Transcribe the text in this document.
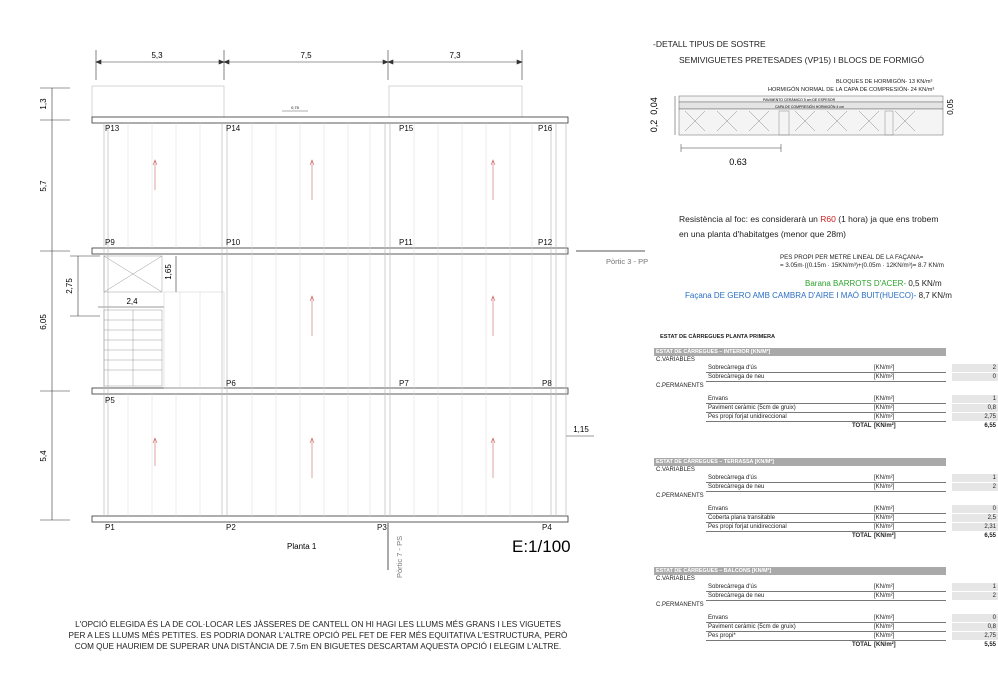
5,3	7,5	7,3
1,3
5,7
6,05
5,4
2,75
1,65
2,4
1,15
0,75
P13	P14	P15	P16
P9	P10	P11	P12
P5
P6	P7	P8
P1	P2	P3	P4
Pòrtic 3 - PP
Pòrtic 7 - PS
Planta 1	E:1/100
L'OPCIÓ ELEGIDA ÉS LA DE COL·LOCAR LES JÀSSERES DE CANTELL ON HI HAGI LES LLUMS MÉS GRANS I LES VIGUETES PER A LES LLUMS MÉS PETITES. ES PODRIA DONAR L'ALTRE OPCIÓ PEL FET DE FER MÉS EQUITATIVA L'ESTRUCTURA, PERÒ COM QUE HAURIEM DE SUPERAR UNA DISTÀNCIA DE 7.5m EN BIGUETES DESCARTAM AQUESTA OPCIÓ I ELEGIM L'ALTRE.
-DETALL TIPUS DE SOSTRE
SEMIVIGUETES PRETESADES (VP15) I BLOCS DE FORMIGÓ
BLOQUES DE HORMIGÓN- 13 KN/m³
HORMIGÓN NORMAL DE LA CAPA DE COMPRESIÓN- 24 KN/m³
PAVIMENTO CERÁMICO 5 cm DE ESPESOR
CAPA DE COMPRESIÓN HORMIGÓN 4 cm
0,04
0,2
0,05
0.63
Resistència al foc: es considerarà un R60 (1 hora) ja que ens trobem
en una planta d'habitatges (menor que 28m)
PES PROPI PER METRE LINEAL DE LA FAÇANA=
= 3.05m·((0.15m · 15KN/m³)+(0.05m · 12KN/m³)= 8.7 KN/m
Barana BARROTS D'ACER- 0,5 KN/m
Façana DE GERO AMB CAMBRA D'AIRE I MAÓ BUIT(HUECO)- 8,7 KN/m
ESTAT DE CÀRREGUES PLANTA PRIMERA
ESTAT DE CÀRREGUES – INTERIOR [KN/M²]
C.VARIABLES
Sobrecàrrega d'ús	[KN/m²]	2
Sobrecàrrega de neu	[KN/m²]	0
C.PERMANENTS
Envans	[KN/m²]	1
Paviment ceràmic (5cm de gruix)	[KN/m²]	0,8
Pes propi forjat unidireccional	[KN/m²]	2,75
TOTAL [KN/m²]	6,55
ESTAT DE CÀRREGUES – TERRASSA [KN/M²]
C.VARIABLES
Sobrecàrrega d'ús	[KN/m²]	1
Sobrecàrrega de neu	[KN/m²]	2
C.PERMANENTS
Envans	[KN/m²]	0
Coberta plana transitable	[KN/m²]	2,5
Pes propi forjat unidireccional	[KN/m²]	2,31
TOTAL [KN/m²]	6,55
ESTAT DE CÀRREGUES – BALCONS [KN/M²]
C.VARIABLES
Sobrecàrrega d'ús	[KN/m²]	1
Sobrecàrrega de neu	[KN/m²]	2
C.PERMANENTS
Envans	[KN/m²]	0
Paviment ceràmic (5cm de gruix)	[KN/m²]	0,8
Pes propi*	[KN/m²]	2,75
TOTAL [KN/m²]	5,55
